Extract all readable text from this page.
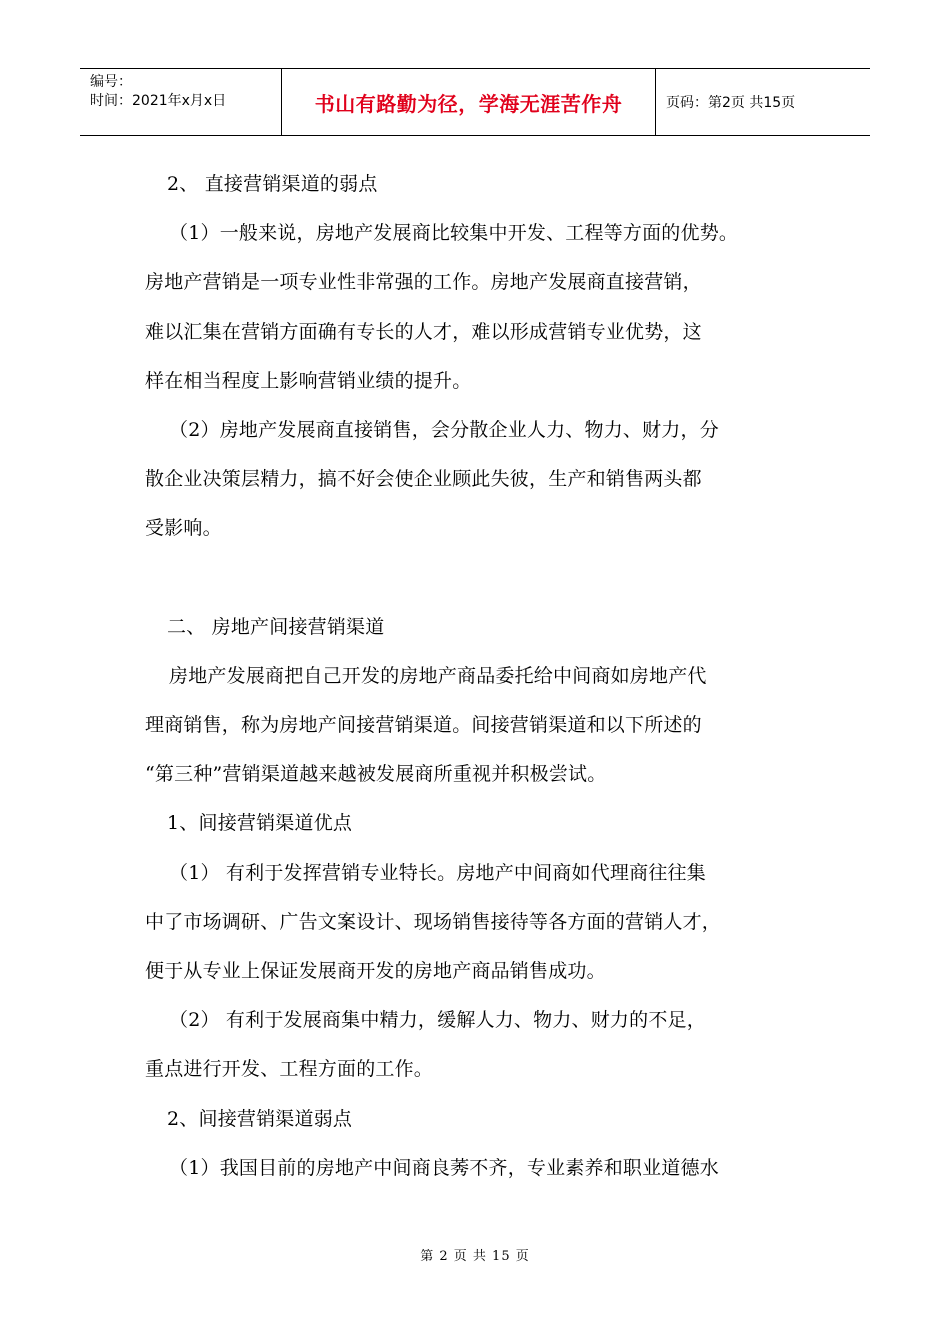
编号：
时间：2021年x月x日	书山有路勤为径，学海无涯苦作舟	页码：第2页 共15页
2、 直接营销渠道的弱点
（1）一般来说，房地产发展商比较集中开发、工程等方面的优势。
房地产营销是一项专业性非常强的工作。房地产发展商直接营销，
难以汇集在营销方面确有专长的人才，难以形成营销专业优势，这
样在相当程度上影响营销业绩的提升。
（2）房地产发展商直接销售，会分散企业人力、物力、财力，分
散企业决策层精力，搞不好会使企业顾此失彼，生产和销售两头都
受影响。
二、 房地产间接营销渠道
房地产发展商把自己开发的房地产商品委托给中间商如房地产代
理商销售，称为房地产间接营销渠道。间接营销渠道和以下所述的
“第三种”营销渠道越来越被发展商所重视并积极尝试。
1、间接营销渠道优点
（1） 有利于发挥营销专业特长。房地产中间商如代理商往往集
中了市场调研、广告文案设计、现场销售接待等各方面的营销人才，
便于从专业上保证发展商开发的房地产商品销售成功。
（2） 有利于发展商集中精力，缓解人力、物力、财力的不足，
重点进行开发、工程方面的工作。
2、间接营销渠道弱点
（1）我国目前的房地产中间商良莠不齐，专业素养和职业道德水
第 2 页 共 15 页
